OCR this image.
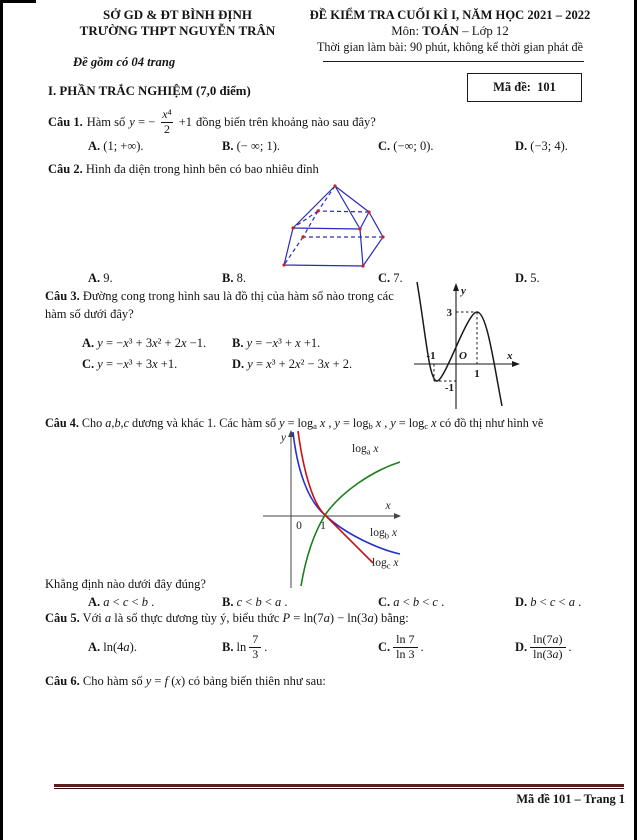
SỞ GD & ĐT BÌNH ĐỊNH
TRƯỜNG THPT NGUYỄN TRÂN
ĐỀ KIỂM TRA CUỐI KÌ I, NĂM HỌC 2021 – 2022
Môn: TOÁN – Lớp 12
Thời gian làm bài: 90 phút, không kể thời gian phát đề
Đề gồm có 04 trang
I. PHẦN TRẮC NGHIỆM (7,0 điểm)	Mã đề:  101
Câu 1. Hàm số y = − $\frac{\text{x⁴}}{2} +1$ đồng biến trên khoảng nào sau đây?
A. (1; +∞).	B. (− ∞; 1).	C. (−∞; 0).	D. (−3; 4).
Câu 2. Hình đa diện trong hình bên có bao nhiêu đỉnh
A. 9.	B. 8.	C. 7.	D. 5.
Câu 3. Đường cong trong hình sau là đồ thị của hàm số nào trong các hàm số dưới đây?
y
x
O
3
1
-1
-1
A. y = −x³ + 3x² + 2x −1. B. y = −x³ + x +1.
C. y = −x³ + 3x +1.	D. y = x³ + 2x² − 3x + 2.
Câu 4. Cho a,b,c dương và khác 1. Các hàm số $y = \log_a x$ , $y = \log_b x$ , $y = \log_c x$ có đồ thị như hình vẽ
y
x
0 1
$\log_a x$
$\log_b x$
$\log_c x$
Khẳng định nào dưới đây đúng?
A. a < c < b .	B. c < b < a .	C. a < b < c .	D. b < c < a .
Câu 5. Với a là số thực dương tùy ý, biểu thức P = ln(7a) − ln(3a) bằng:
A. ln(4a).	B. $\ln \frac{7}{3}$ .	C. $\frac{\ln 7}{\ln 3}$ .	D. $\frac{\ln(7a)}{\ln(3a)}$ .
Câu 6. Cho hàm số y = f (x) có bảng biến thiên như sau:
Mã đề 101 – Trang 1
